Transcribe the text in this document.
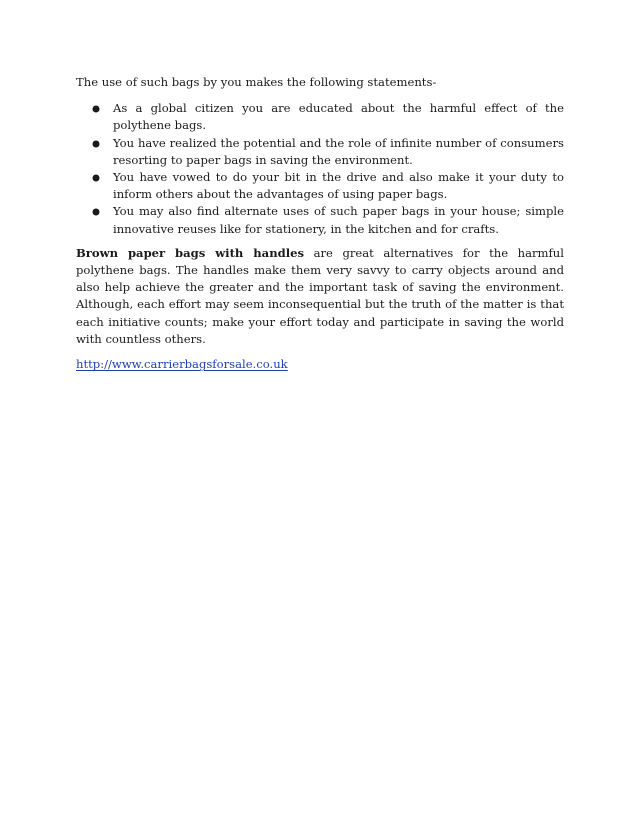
The use of such bags by you makes the following statements-

As a global citizen you are educated about the harmful effect of the polythene bags.
You have realized the potential and the role of infinite number of consumers resorting to paper bags in saving the environment.
You have vowed to do your bit in the drive and also make it your duty to inform others about the advantages of using paper bags.
You may also find alternate uses of such paper bags in your house; simple innovative reuses like for stationery, in the kitchen and for crafts.

Brown paper bags with handles are great alternatives for the harmful polythene bags. The handles make them very savvy to carry objects around and also help achieve the greater and the important task of saving the environment. Although, each effort may seem inconsequential but the truth of the matter is that each initiative counts; make your effort today and participate in saving the world with countless others.

http://www.carrierbagsforsale.co.uk
